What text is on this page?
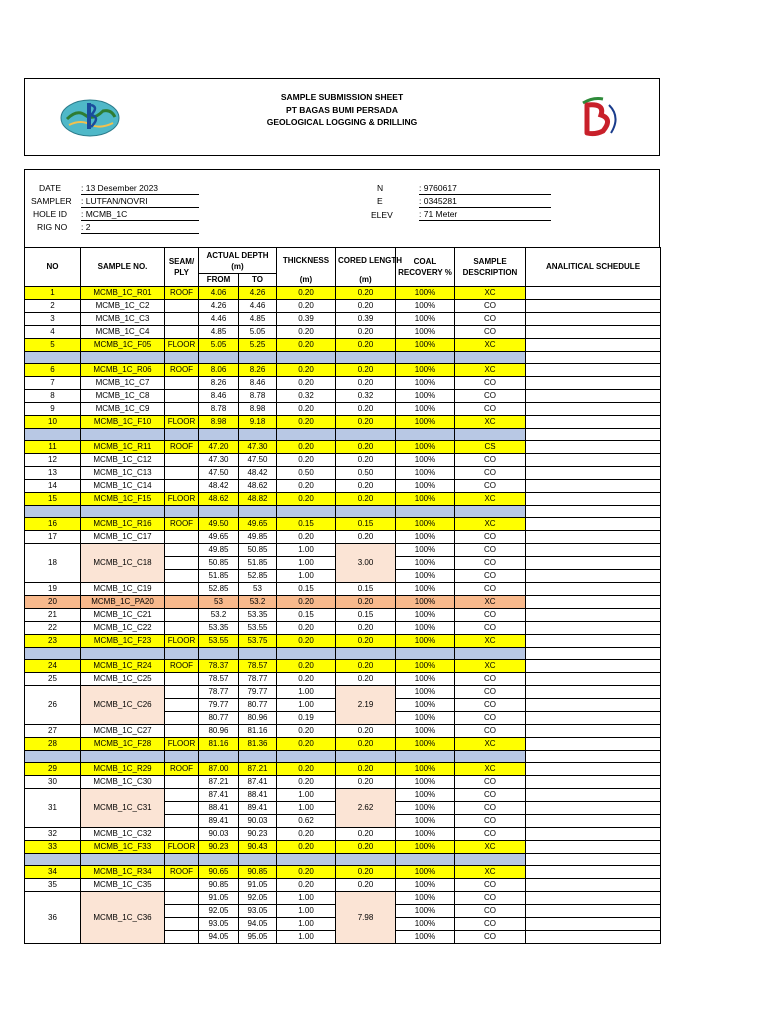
SAMPLE SUBMISSION SHEET
PT BAGAS BUMI PERSADA
GEOLOGICAL LOGGING & DRILLING
DATE : 13 Desember 2023
SAMPLER : LUTFAN/NOVRI
HOLE ID : MCMB_1C
RIG NO : 2
N	: 9760617
E	: 0345281
ELEV	: 71 Meter
NO	SAMPLE NO.	SEAM/ PLY	ACTUAL DEPTH (m)		THICKNESS	CORED LENGTH	COAL RECOVERY %	SAMPLE DESCRIPTION	ANALITICAL SCHEDULE
			FROM	TO	(m)	(m)			
1	MCMB_1C_R01	ROOF	4.06	4.26	0.20	0.20	100%	XC	
2	MCMB_1C_C2		4.26	4.46	0.20	0.20	100%	CO	
3	MCMB_1C_C3		4.46	4.85	0.39	0.39	100%	CO	
4	MCMB_1C_C4		4.85	5.05	0.20	0.20	100%	CO	
5	MCMB_1C_F05	FLOOR	5.05	5.25	0.20	0.20	100%	XC	

6	MCMB_1C_R06	ROOF	8.06	8.26	0.20	0.20	100%	XC	
7	MCMB_1C_C7		8.26	8.46	0.20	0.20	100%	CO	
8	MCMB_1C_C8		8.46	8.78	0.32	0.32	100%	CO	
9	MCMB_1C_C9		8.78	8.98	0.20	0.20	100%	CO	
10	MCMB_1C_F10	FLOOR	8.98	9.18	0.20	0.20	100%	XC	

11	MCMB_1C_R11	ROOF	47.20	47.30	0.20	0.20	100%	CS	
12	MCMB_1C_C12		47.30	47.50	0.20	0.20	100%	CO	
13	MCMB_1C_C13		47.50	48.42	0.50	0.50	100%	CO	
14	MCMB_1C_C14		48.42	48.62	0.20	0.20	100%	CO	
15	MCMB_1C_F15	FLOOR	48.62	48.82	0.20	0.20	100%	XC	

16	MCMB_1C_R16	ROOF	49.50	49.65	0.15	0.15	100%	XC	
17	MCMB_1C_C17		49.65	49.85	0.20	0.20	100%	CO	
18	MCMB_1C_C18		49.85	50.85	1.00	3.00	100%	CO	
			50.85	51.85	1.00		100%	CO	
			51.85	52.85	1.00		100%	CO	
19	MCMB_1C_C19		52.85	53	0.15	0.15	100%	CO	
20	MCMB_1C_PA20		53	53.2	0.20	0.20	100%	XC	
21	MCMB_1C_C21		53.2	53.35	0.15	0.15	100%	CO	
22	MCMB_1C_C22		53.35	53.55	0.20	0.20	100%	CO	
23	MCMB_1C_F23	FLOOR	53.55	53.75	0.20	0.20	100%	XC	

24	MCMB_1C_R24	ROOF	78.37	78.57	0.20	0.20	100%	XC	
25	MCMB_1C_C25		78.57	78.77	0.20	0.20	100%	CO	
26	MCMB_1C_C26		78.77	79.77	1.00	2.19	100%	CO	
			79.77	80.77	1.00		100%	CO	
			80.77	80.96	0.19		100%	CO	
27	MCMB_1C_C27		80.96	81.16	0.20	0.20	100%	CO	
28	MCMB_1C_F28	FLOOR	81.16	81.36	0.20	0.20	100%	XC	

29	MCMB_1C_R29	ROOF	87.00	87.21	0.20	0.20	100%	XC	
30	MCMB_1C_C30		87.21	87.41	0.20	0.20	100%	CO	
31	MCMB_1C_C31		87.41	88.41	1.00	2.62	100%	CO	
			88.41	89.41	1.00		100%	CO	
			89.41	90.03	0.62		100%	CO	
32	MCMB_1C_C32		90.03	90.23	0.20	0.20	100%	CO	
33	MCMB_1C_F33	FLOOR	90.23	90.43	0.20	0.20	100%	XC	

34	MCMB_1C_R34	ROOF	90.65	90.85	0.20	0.20	100%	XC	
35	MCMB_1C_C35		90.85	91.05	0.20	0.20	100%	CO	
36	MCMB_1C_C36		91.05	92.05	1.00	7.98	100%	CO	
			92.05	93.05	1.00		100%	CO	
			93.05	94.05	1.00		100%	CO	
			94.05	95.05	1.00		100%	CO	
